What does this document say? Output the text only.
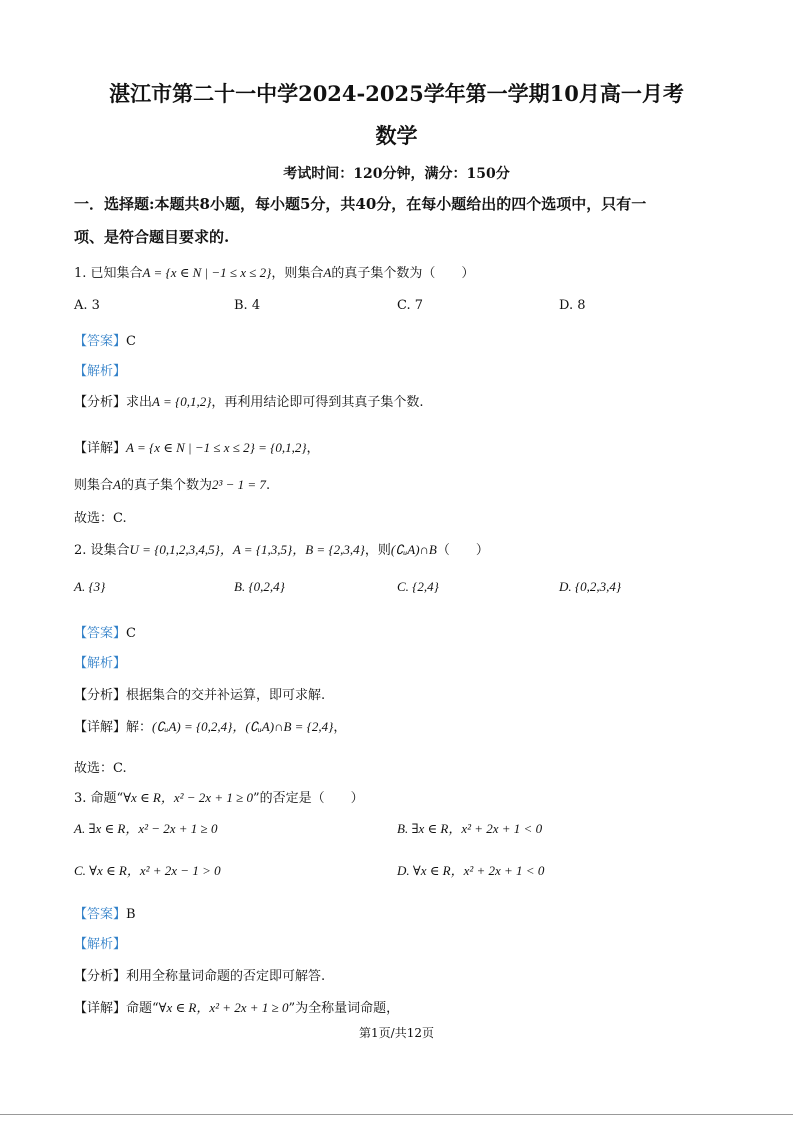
湛江市第二十一中学2024-2025学年第一学期10月高一月考
数学
考试时间：120分钟，满分：150分
一．选择题:本题共8小题，每小题5分，共40分，在每小题给出的四个选项中，只有一
项、是符合题目要求的.
1. 已知集合A = {x ∈ N | −1 ≤ x ≤ 2}，则集合A的真子集个数为（　　）
A. 3	B. 4	C. 7	D. 8
【答案】C
【解析】
【分析】求出A = {0,1,2}，再利用结论即可得到其真子集个数.
【详解】A = {x ∈ N | −1 ≤ x ≤ 2} = {0,1,2}，
则集合A的真子集个数为2³ − 1 = 7.
故选：C.
2. 设集合U = {0,1,2,3,4,5}，A = {1,3,5}，B = {2,3,4}，则(∁ᵤA)∩B（　　）
A. {3}	B. {0,2,4}	C. {2,4}	D. {0,2,3,4}
【答案】C
【解析】
【分析】根据集合的交并补运算，即可求解.
【详解】解：(∁ᵤA) = {0,2,4}，(∁ᵤA)∩B = {2,4}，
故选：C.
3. 命题“∀x ∈ R，x² − 2x + 1 ≥ 0”的否定是（　　）
A. ∃x ∈ R，x² − 2x + 1 ≥ 0	B. ∃x ∈ R，x² + 2x + 1 < 0
C. ∀x ∈ R，x² + 2x − 1 > 0	D. ∀x ∈ R，x² + 2x + 1 < 0
【答案】B
【解析】
【分析】利用全称量词命题的否定即可解答.
【详解】命题“∀x ∈ R，x² + 2x + 1 ≥ 0”为全称量词命题，
第1页/共12页
